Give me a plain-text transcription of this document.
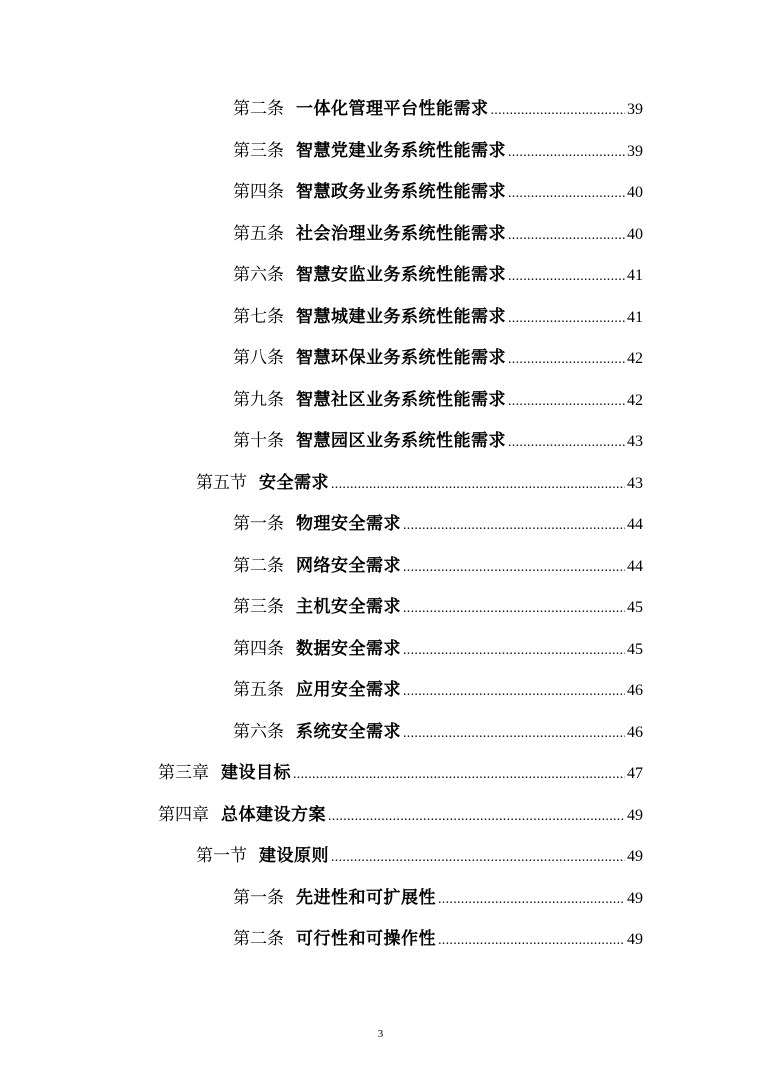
第二条 一体化管理平台性能需求 .....	39
第三条 智慧党建业务系统性能需求 .....	39
第四条 智慧政务业务系统性能需求 .....	40
第五条 社会治理业务系统性能需求 .....	40
第六条 智慧安监业务系统性能需求 .....	41
第七条 智慧城建业务系统性能需求 .....	41
第八条 智慧环保业务系统性能需求 .....	42
第九条 智慧社区业务系统性能需求 .....	42
第十条 智慧园区业务系统性能需求 .....	43
第五节 安全需求 .....	43
第一条 物理安全需求 .....	44
第二条 网络安全需求 .....	44
第三条 主机安全需求 .....	45
第四条 数据安全需求 .....	45
第五条 应用安全需求 .....	46
第六条 系统安全需求 .....	46
第三章 建设目标 .....	47
第四章 总体建设方案 .....	49
第一节 建设原则 .....	49
第一条 先进性和可扩展性 .....	49
第二条 可行性和可操作性 .....	49
3
